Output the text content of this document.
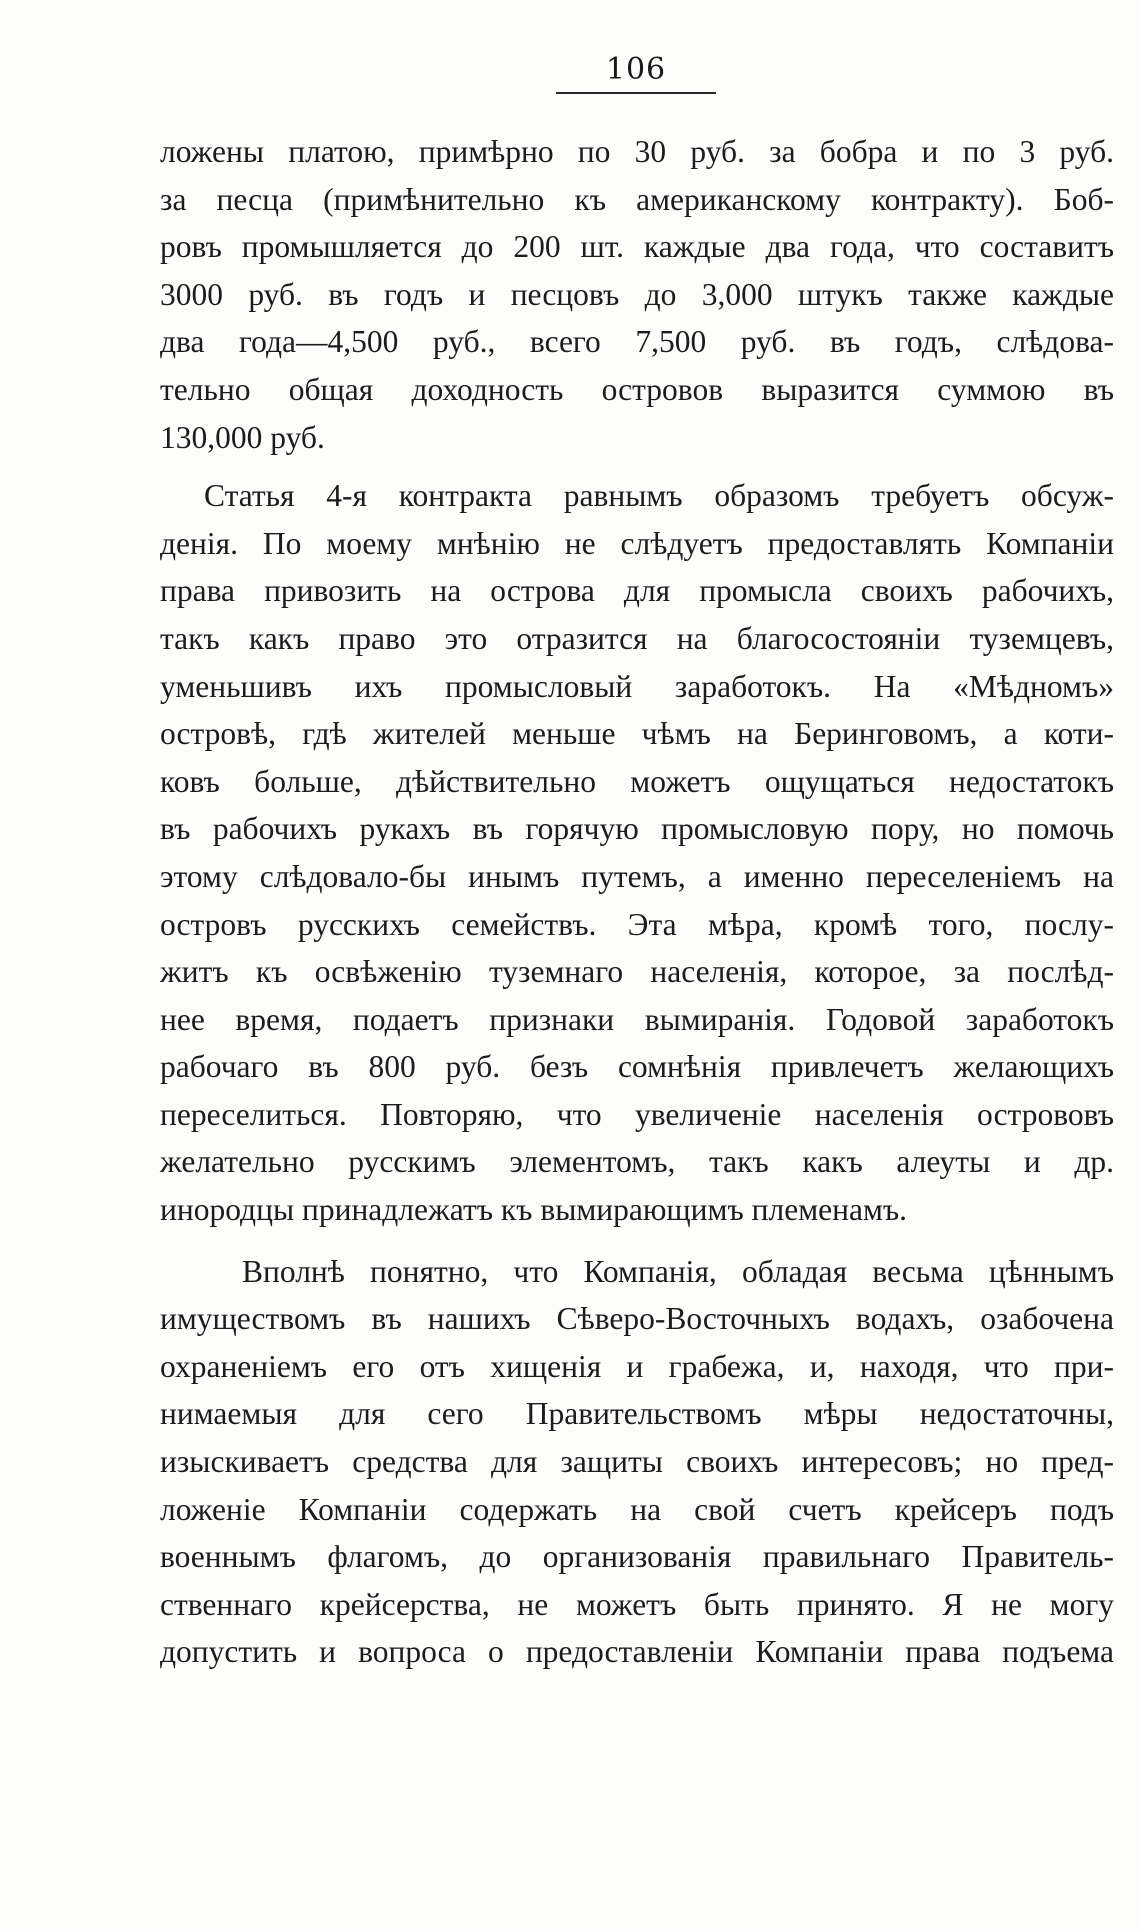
106
ложены платою, примѣрно по 30 руб. за бобра и по 3 руб.
за песца (примѣнительно къ американскому контракту). Боб-
ровъ промышляется до 200 шт. каждые два года, что составитъ
3000 руб. въ годъ и песцовъ до 3,000 штукъ также каждые
два года—4,500 руб., всего 7,500 руб. въ годъ, слѣдова-
тельно общая доходность островов выразится суммою въ
130,000 руб.
Статья 4-я контракта равнымъ образомъ требуетъ обсуж-
денія. По моему мнѣнію не слѣдуетъ предоставлять Компаніи
права привозить на острова для промысла своихъ рабочихъ,
такъ какъ право это отразится на благосостояніи туземцевъ,
уменьшивъ ихъ промысловый заработокъ. На «Мѣдномъ»
островѣ, гдѣ жителей меньше чѣмъ на Беринговомъ, а коти-
ковъ больше, дѣйствительно можетъ ощущаться недостатокъ
въ рабочихъ рукахъ въ горячую промысловую пору, но помочь
этому слѣдовало-бы инымъ путемъ, а именно переселеніемъ на
островъ русскихъ семействъ. Эта мѣра, кромѣ того, послу-
житъ къ освѣженію туземнаго населенія, которое, за послѣд-
нее время, подаетъ признаки вымиранія. Годовой заработокъ
рабочаго въ 800 руб. безъ сомнѣнія привлечетъ желающихъ
переселиться. Повторяю, что увеличеніе населенія острововъ
желательно русскимъ элементомъ, такъ какъ алеуты и др.
инородцы принадлежатъ къ вымирающимъ племенамъ.
Вполнѣ понятно, что Компанія, обладая весьма цѣннымъ
имуществомъ въ нашихъ Сѣверо-Восточныхъ водахъ, озабочена
охраненіемъ его отъ хищенія и грабежа, и, находя, что при-
нимаемыя для сего Правительствомъ мѣры недостаточны,
изыскиваетъ средства для защиты своихъ интересовъ; но пред-
ложеніе Компаніи содержать на свой счетъ крейсеръ подъ
военнымъ флагомъ, до организованія правильнаго Правитель-
ственнаго крейсерства, не можетъ быть принято. Я не могу
допустить и вопроса о предоставленіи Компаніи права подъема
